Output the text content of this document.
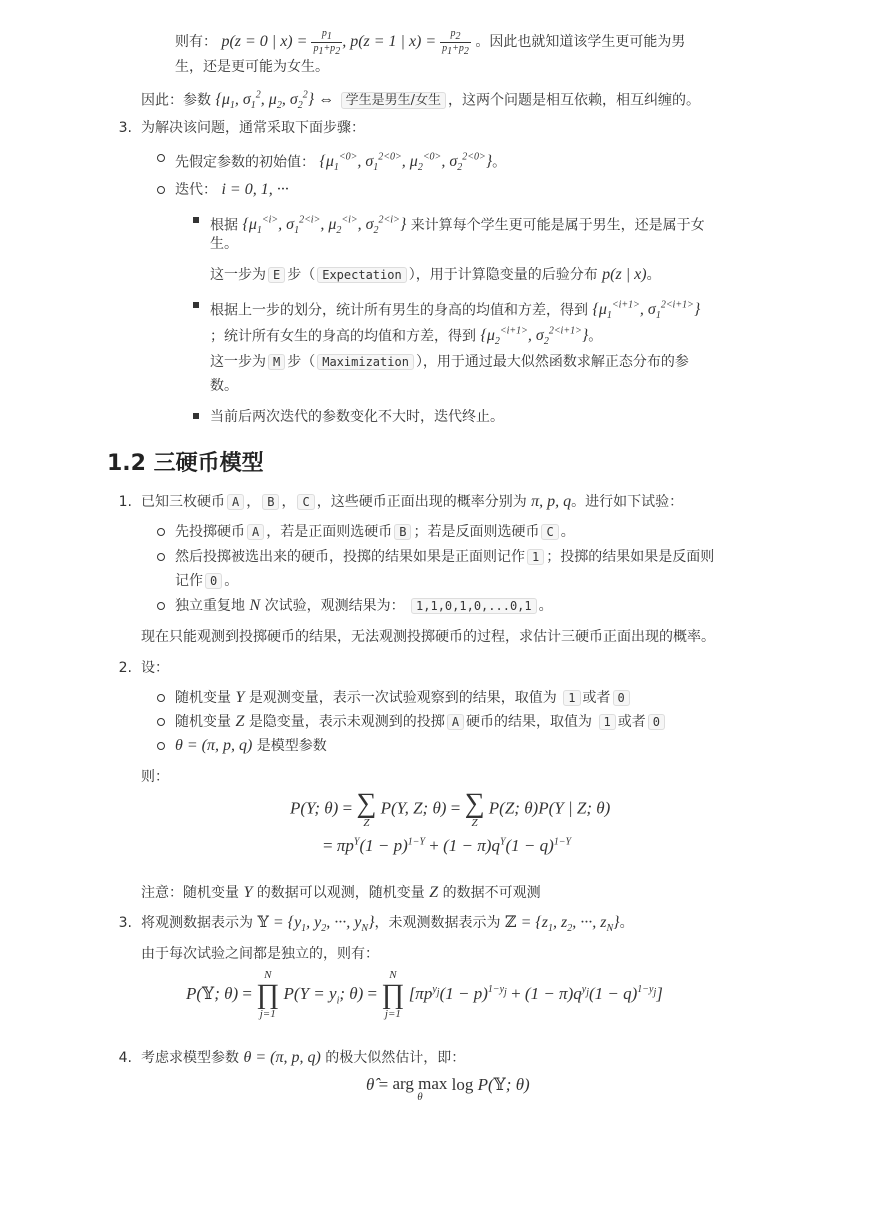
则有： p(z = 0 | $x) = \frac{p_1}{p_1+p_2}$ , p(z = 1 | $x) = \frac{p_2}{p_1+p_2}$ 。因此也就知道该学生更可能为男
生，还是更可能为女生。
因此：参数 {$\mu_1$, $\sigma_1^2$, $\mu_2$, $\sigma_2^2$} ⇔ 学生是男生/女生 ，这两个问题是相互依赖，相互纠缠的。
3. 为解决该问题，通常采取下面步骤：
先假定参数的初始值： {$\mu_1^{<0>}$, $\sigma_1^{2<0>}$, $\mu_2^{<0>}$, $\sigma_2^{2<0>}$}。
迭代： i = 0, 1, ···
根据 {$\mu_1^{<i>}$, $\sigma_1^{2<i>}$, $\mu_2^{<i>}$, $\sigma_2^{2<i>}$} 来计算每个学生更可能是属于男生，还是属于女
生。
这一步为 E 步（ Expectation ），用于计算隐变量的后验分布 p(z | x)。
根据上一步的划分，统计所有男生的身高的均值和方差，得到 {$\mu_1^{<i+1>}$, $\sigma_1^{2<i+1>}$}
；统计所有女生的身高的均值和方差，得到 {$\mu_2^{<i+1>}$, $\sigma_2^{2<i+1>}$}。
这一步为 M 步（ Maximization ），用于通过最大似然函数求解正态分布的参
数。
当前后两次迭代的参数变化不大时，迭代终止。
1.2 三硬币模型
1. 已知三枚硬币 A ， B ， C ，这些硬币正面出现的概率分别为 π, p, q。进行如下试验：
先投掷硬币 A ，若是正面则选硬币 B ；若是反面则选硬币 C 。
然后投掷被选出来的硬币，投掷的结果如果是正面则记作 1 ；投掷的结果如果是反面则
记作 0 。
独立重复地 N 次试验，观测结果为： 1,1,0,1,0,...0,1 。
现在只能观测到投掷硬币的结果，无法观测投掷硬币的过程，求估计三硬币正面出现的概率。
2. 设：
随机变量 Y 是观测变量，表示一次试验观察到的结果，取值为 1 或者 0
随机变量 Z 是隐变量，表示未观测到的投掷 A 硬币的结果，取值为 1 或者 0
θ = (π, p, q) 是模型参数
则：
P(Y; θ) = ∑
Z
P(Y, Z; θ) = ∑
Z
P(Z; θ)P(Y | Z; θ)
= $\pi p^Y(1 - p)^{1-Y} + (1 - \pi)q^Y(1 - q)^{1-Y}$
注意：随机变量 Y 的数据可以观测，随机变量 Z 的数据不可观测
3. 将观测数据表示为 𝕐 = {$y_1$, $y_2$, ···, $y_N$}，未观测数据表示为 ℤ = {$z_1$, $z_2$, ···, $z_N$}。
由于每次试验之间都是独立的，则有：
P(𝕐; θ) =
N
∏
j=1
$P(Y = y_i$; θ) =
N
∏
j=1
$[\pi p^{y_j}(1 - p)^{1-y_j} + (1 - \pi)q^{y_j}(1 - q)^{1-y_j}]$
4. 考虑求模型参数 θ = (π, p, q) 的极大似然估计，即：
θ̂ = arg max
θ
log P(𝕐; θ)
